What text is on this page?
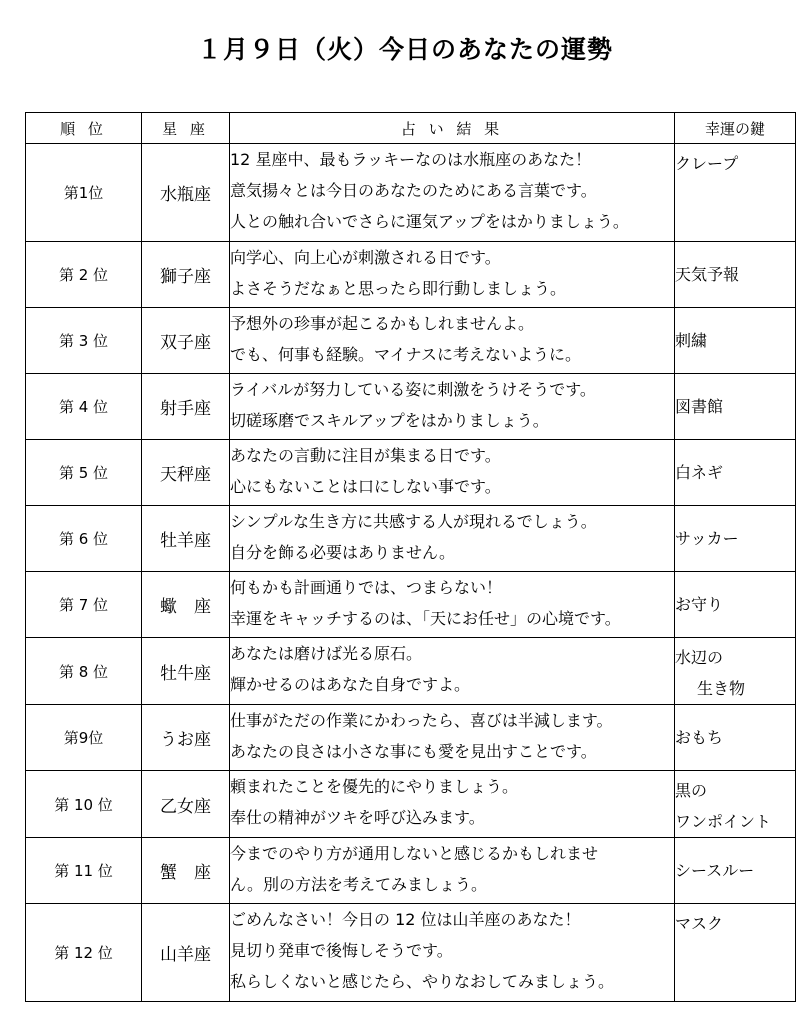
１月９日（火）今日のあなたの運勢
順 位	星 座	占 い 結 果	幸運の鍵
第1位	水瓶座	12 星座中、最もラッキーなのは水瓶座のあなた！
意気揚々とは今日のあなたのためにある言葉です。
人との触れ合いでさらに運気アップをはかりましょう。	クレープ

第 2 位	獅子座	向学心、向上心が刺激される日です。
よさそうだなぁと思ったら即行動しましょう。	天気予報

第 3 位	双子座	予想外の珍事が起こるかもしれませんよ。
でも、何事も経験。マイナスに考えないように。	刺繍

第 4 位	射手座	ライバルが努力している姿に刺激をうけそうです。
切磋琢磨でスキルアップをはかりましょう。	図書館

第 5 位	天秤座	あなたの言動に注目が集まる日です。
心にもないことは口にしない事です。	白ネギ

第 6 位	牡羊座	シンプルな生き方に共感する人が現れるでしょう。
自分を飾る必要はありません。	サッカー

第 7 位	蠍　座	何もかも計画通りでは、つまらない！
幸運をキャッチするのは、「天にお任せ」の心境です。	お守り

第 8 位	牡牛座	あなたは磨けば光る原石。
輝かせるのはあなた自身ですよ。	水辺の
生き物

第9位	うお座	仕事がただの作業にかわったら、喜びは半減します。
あなたの良さは小さな事にも愛を見出すことです。	おもち

第 10 位	乙女座	頼まれたことを優先的にやりましょう。
奉仕の精神がツキを呼び込みます。	黒の
ワンポイント

第 11 位	蟹　座	今までのやり方が通用しないと感じるかもしれませ
ん。別の方法を考えてみましょう。	シースルー

第 12 位	山羊座	ごめんなさい！今日の 12 位は山羊座のあなた！
見切り発車で後悔しそうです。
私らしくないと感じたら、やりなおしてみましょう。	マスク
